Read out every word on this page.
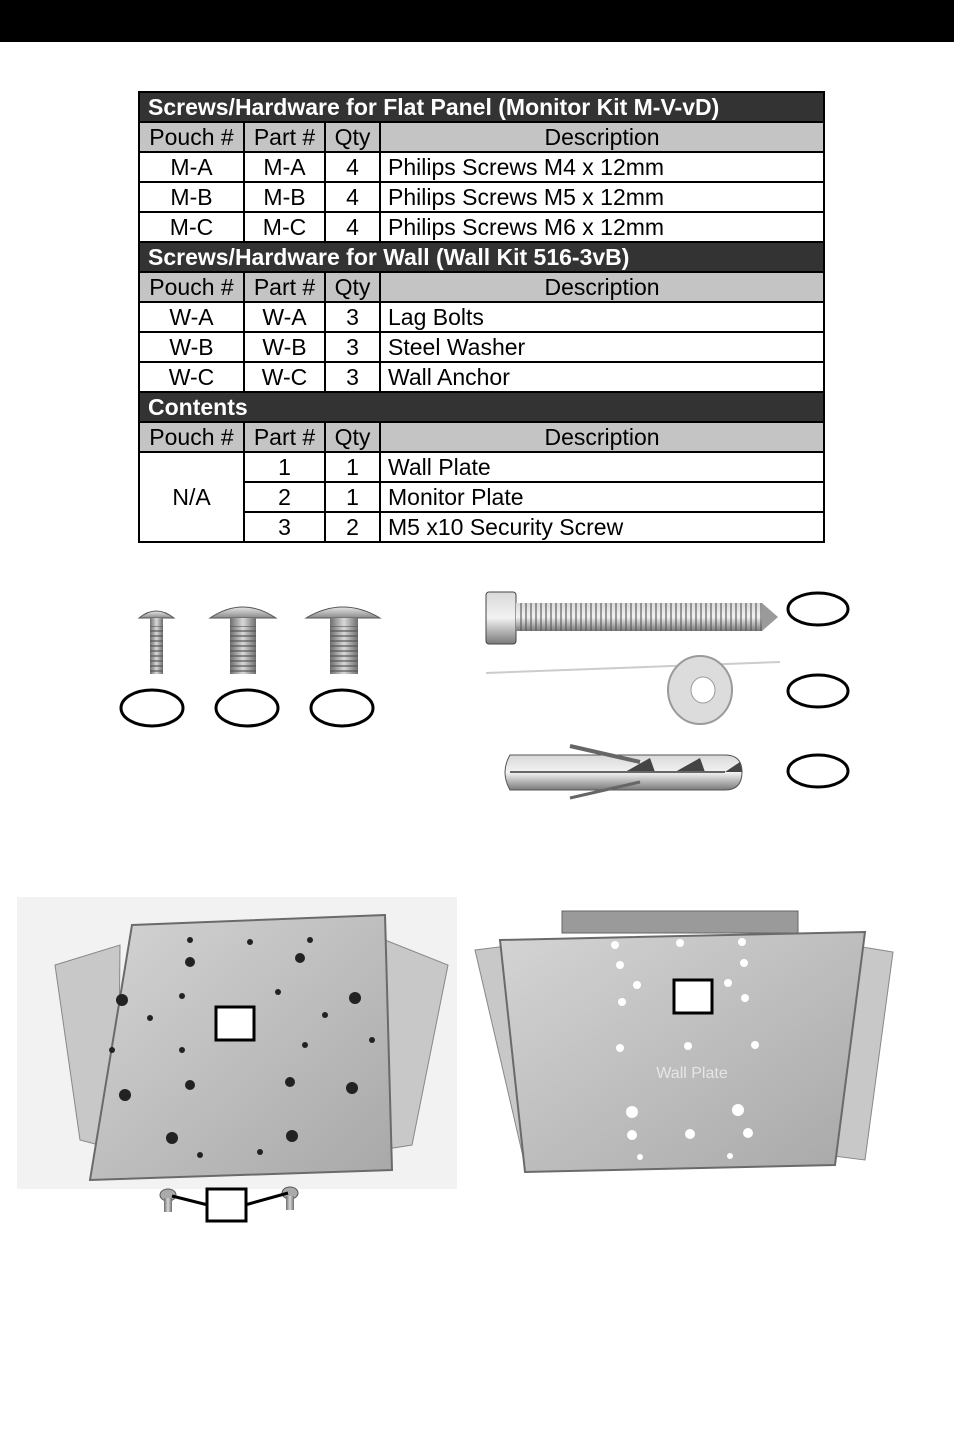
Screws/Hardware for Flat Panel (Monitor Kit M-V-vD)			
Pouch #	Part #	Qty	Description
M-A	M-A	4	Philips Screws M4 x 12mm
M-B	M-B	4	Philips Screws M5 x 12mm
M-C	M-C	4	Philips Screws M6 x 12mm
Screws/Hardware for Wall (Wall Kit 516-3vB)			
Pouch #	Part #	Qty	Description
W-A	W-A	3	Lag Bolts
W-B	W-B	3	Steel Washer
W-C	W-C	3	Wall Anchor
Contents			
Pouch #	Part #	Qty	Description
N/A	1	1	Wall Plate
	2	1	Monitor Plate
	3	2	M5 x10 Security Screw
Wall Plate
